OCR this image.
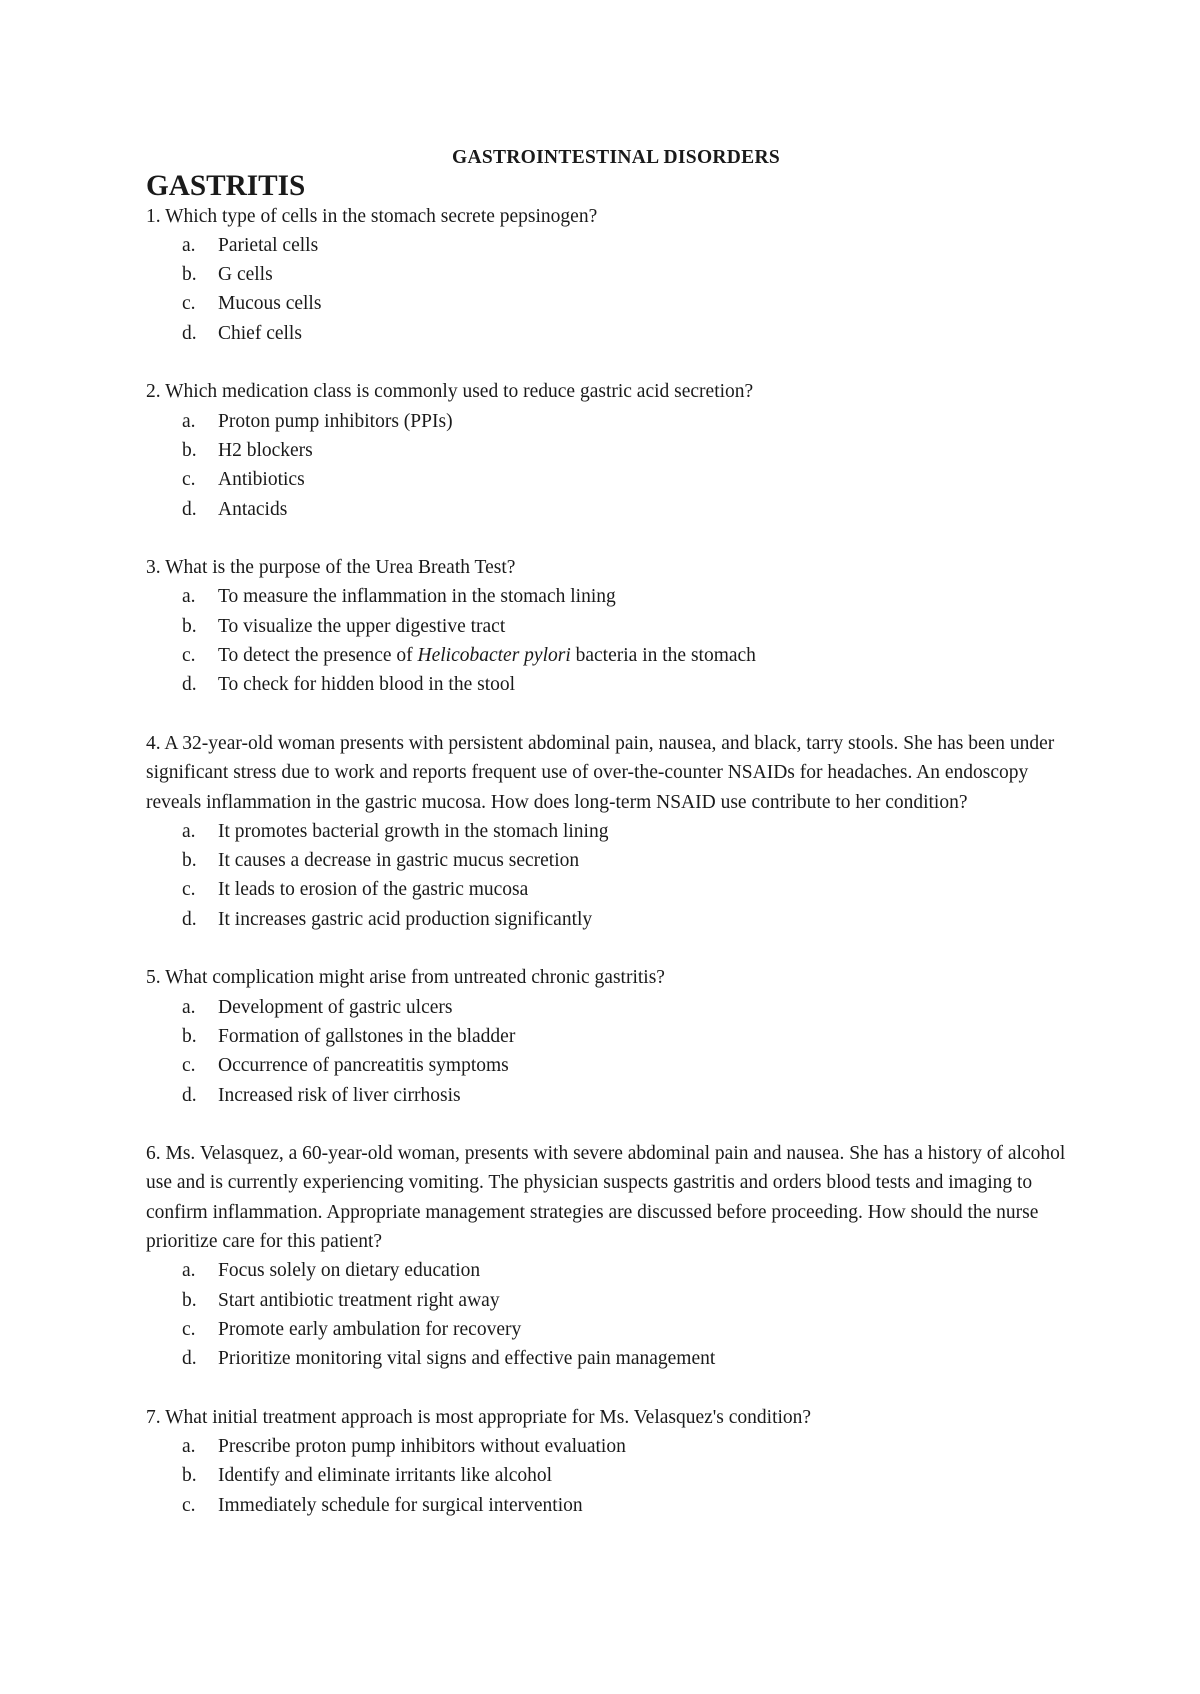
GASTROINTESTINAL DISORDERS
GASTRITIS

1. Which type of cells in the stomach secrete pepsinogen?

a. Parietal cells
b. G cells
c. Mucous cells
d. Chief cells

2. Which medication class is commonly used to reduce gastric acid secretion?

a. Proton pump inhibitors (PPIs)
b. H2 blockers
c. Antibiotics
d. Antacids

3. What is the purpose of the Urea Breath Test?

a. To measure the inflammation in the stomach lining
b. To visualize the upper digestive tract
c. To detect the presence of Helicobacter pylori bacteria in the stomach
d. To check for hidden blood in the stool

4. A 32-year-old woman presents with persistent abdominal pain, nausea, and black, tarry stools. She has been under significant stress due to work and reports frequent use of over-the-counter NSAIDs for headaches. An endoscopy reveals inflammation in the gastric mucosa. How does long-term NSAID use contribute to her condition?

a. It promotes bacterial growth in the stomach lining
b. It causes a decrease in gastric mucus secretion
c. It leads to erosion of the gastric mucosa
d. It increases gastric acid production significantly

5. What complication might arise from untreated chronic gastritis?

a. Development of gastric ulcers
b. Formation of gallstones in the bladder
c. Occurrence of pancreatitis symptoms
d. Increased risk of liver cirrhosis

6. Ms. Velasquez, a 60-year-old woman, presents with severe abdominal pain and nausea. She has a history of alcohol use and is currently experiencing vomiting. The physician suspects gastritis and orders blood tests and imaging to confirm inflammation. Appropriate management strategies are discussed before proceeding. How should the nurse prioritize care for this patient?

a. Focus solely on dietary education
b. Start antibiotic treatment right away
c. Promote early ambulation for recovery
d. Prioritize monitoring vital signs and effective pain management

7. What initial treatment approach is most appropriate for Ms. Velasquez's condition?

a. Prescribe proton pump inhibitors without evaluation
b. Identify and eliminate irritants like alcohol
c. Immediately schedule for surgical intervention
